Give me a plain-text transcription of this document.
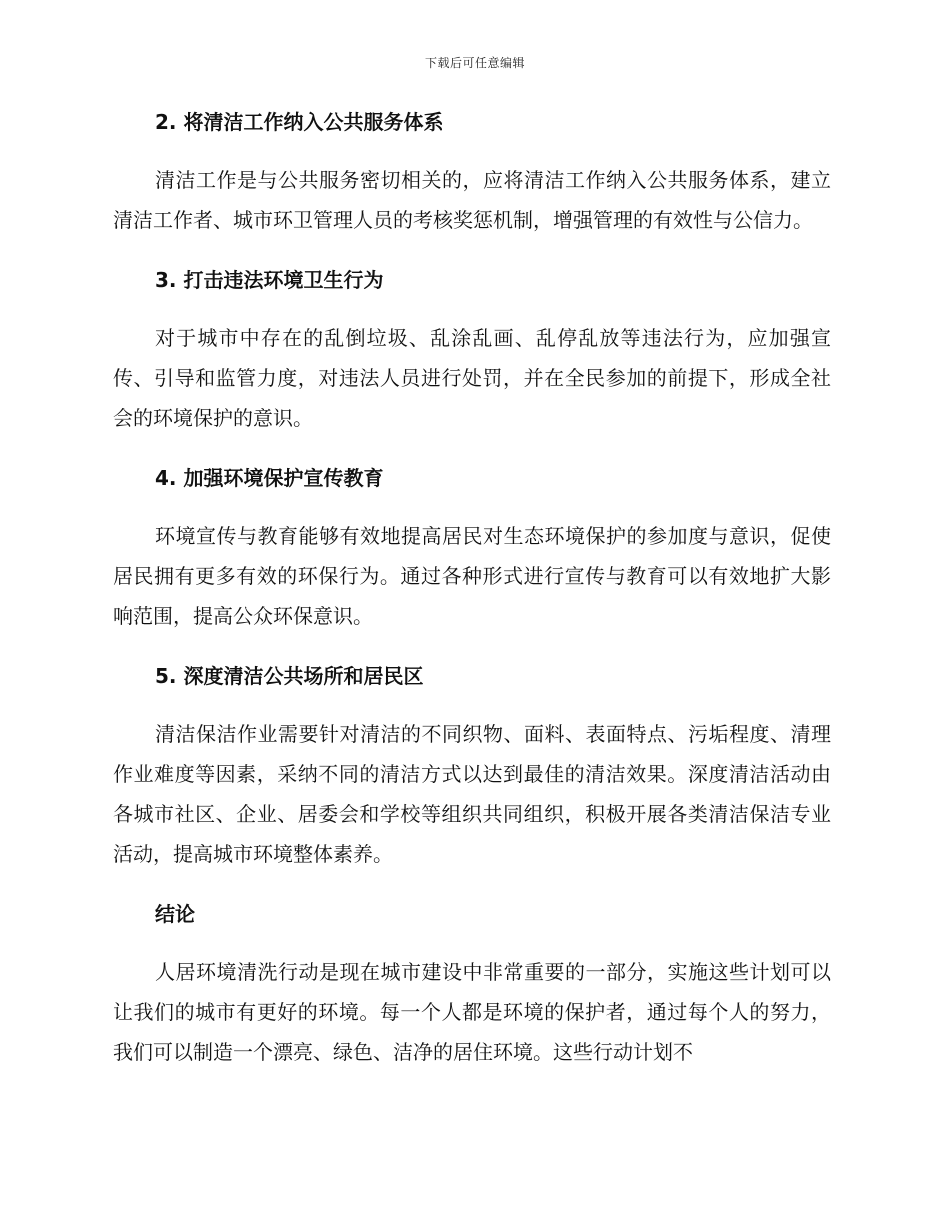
下载后可任意编辑
2. 将清洁工作纳入公共服务体系

清洁工作是与公共服务密切相关的，应将清洁工作纳入公共服务体系，建立清洁工作者、城市环卫管理人员的考核奖惩机制，增强管理的有效性与公信力。

3. 打击违法环境卫生行为

对于城市中存在的乱倒垃圾、乱涂乱画、乱停乱放等违法行为，应加强宣传、引导和监管力度，对违法人员进行处罚，并在全民参加的前提下，形成全社会的环境保护的意识。

4. 加强环境保护宣传教育

环境宣传与教育能够有效地提高居民对生态环境保护的参加度与意识，促使居民拥有更多有效的环保行为。通过各种形式进行宣传与教育可以有效地扩大影响范围，提高公众环保意识。

5. 深度清洁公共场所和居民区

清洁保洁作业需要针对清洁的不同织物、面料、表面特点、污垢程度、清理作业难度等因素，采纳不同的清洁方式以达到最佳的清洁效果。深度清洁活动由各城市社区、企业、居委会和学校等组织共同组织，积极开展各类清洁保洁专业活动，提高城市环境整体素养。

结论

人居环境清洗行动是现在城市建设中非常重要的一部分，实施这些计划可以让我们的城市有更好的环境。每一个人都是环境的保护者，通过每个人的努力，我们可以制造一个漂亮、绿色、洁净的居住环境。这些行动计划不
